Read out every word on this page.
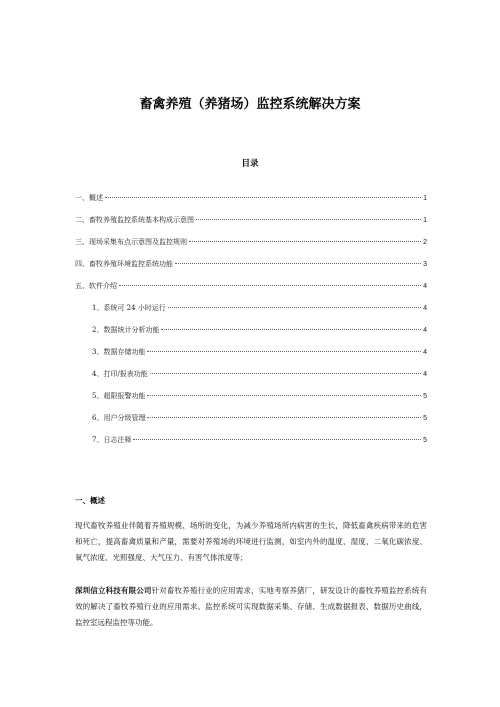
畜禽养殖（养猪场）监控系统解决方案
目录
一、概述	1
二、畜牧养殖监控系统基本构成示意图	1
三、现场采集布点示意图及监控规则	2
四、畜牧养殖环境监控系统功能	3
五、软件介绍	4
1、系统可 24 小时运行	4
2、数据统计分析功能	4
3、数据存储功能	4
4、打印/报表功能	4
5、超限报警功能	5
6、用户分级管理	5
7、日志注释	5
一、概述
现代畜牧养殖业伴随着养殖规模、场所的变化，为减少养殖场所内病害的生长，降低畜禽疾病带来的危害和死亡，提高畜禽质量和产量，需要对养殖场的环境进行监测，如室内外的温度、湿度、二氧化碳浓度、氧气浓度、光照强度、大气压力、有害气体浓度等；
深圳信立科技有限公司针对畜牧养殖行业的应用需求，实地考察养猪厂，研发设计的畜牧养殖监控系统有效的解决了畜牧养殖行业的应用需求。监控系统可实现数据采集、存储、生成数据报表、数据历史曲线，监控室远程监控等功能。
